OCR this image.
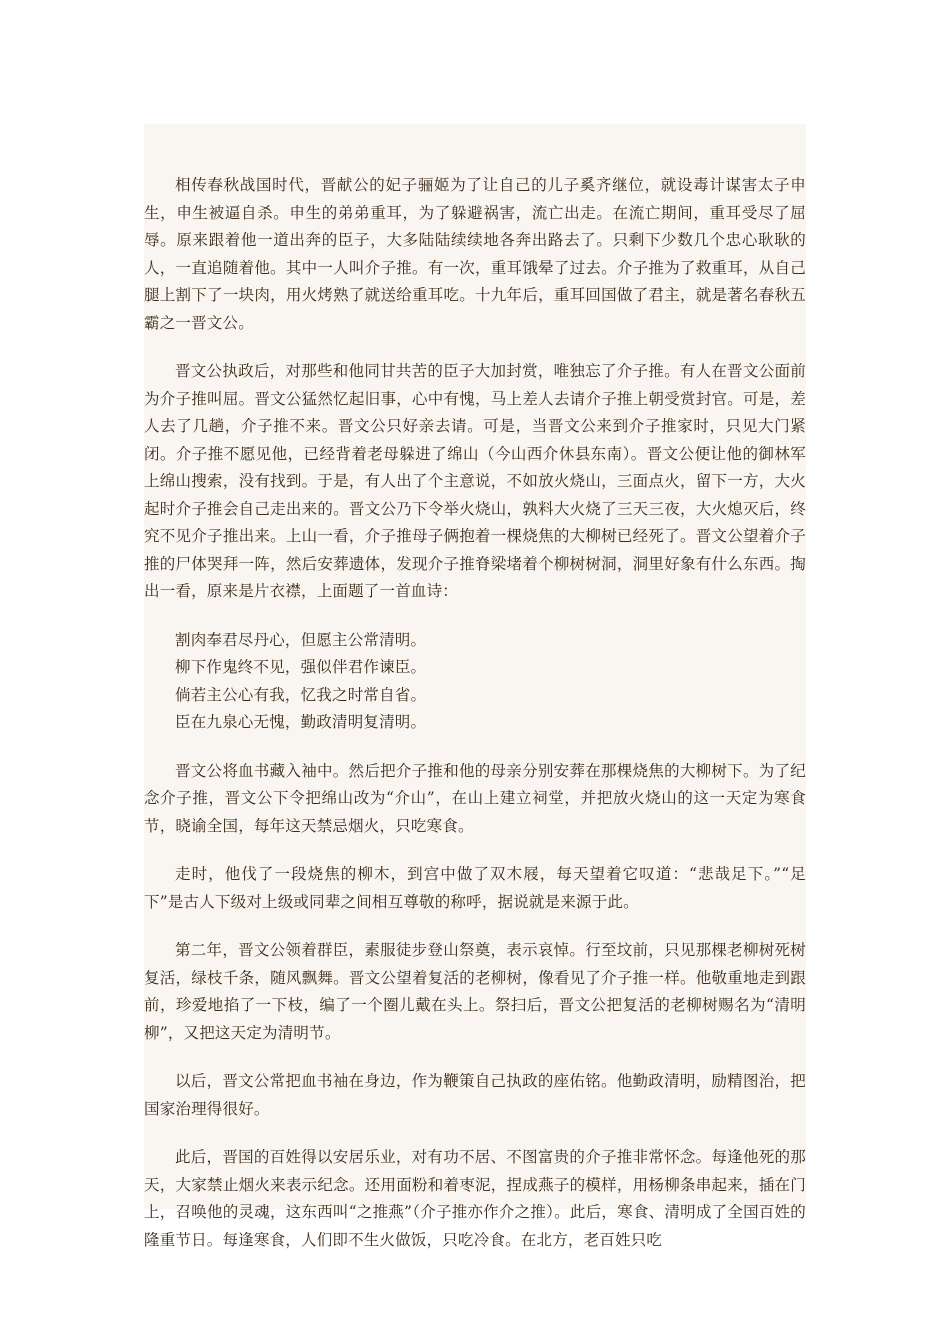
相传春秋战国时代，晋献公的妃子骊姬为了让自己的儿子奚齐继位，就设毒计谋害太子申生，申生被逼自杀。申生的弟弟重耳，为了躲避祸害，流亡出走。在流亡期间，重耳受尽了屈辱。原来跟着他一道出奔的臣子，大多陆陆续续地各奔出路去了。只剩下少数几个忠心耿耿的人，一直追随着他。其中一人叫介子推。有一次，重耳饿晕了过去。介子推为了救重耳，从自己腿上割下了一块肉，用火烤熟了就送给重耳吃。十九年后，重耳回国做了君主，就是著名春秋五霸之一晋文公。

晋文公执政后，对那些和他同甘共苦的臣子大加封赏，唯独忘了介子推。有人在晋文公面前为介子推叫屈。晋文公猛然忆起旧事，心中有愧，马上差人去请介子推上朝受赏封官。可是，差人去了几趟，介子推不来。晋文公只好亲去请。可是，当晋文公来到介子推家时，只见大门紧闭。介子推不愿见他，已经背着老母躲进了绵山（今山西介休县东南）。晋文公便让他的御林军上绵山搜索，没有找到。于是，有人出了个主意说，不如放火烧山，三面点火，留下一方，大火起时介子推会自己走出来的。晋文公乃下令举火烧山，孰料大火烧了三天三夜，大火熄灭后，终究不见介子推出来。上山一看，介子推母子俩抱着一棵烧焦的大柳树已经死了。晋文公望着介子推的尸体哭拜一阵，然后安葬遗体，发现介子推脊梁堵着个柳树树洞，洞里好象有什么东西。掏出一看，原来是片衣襟，上面题了一首血诗：

割肉奉君尽丹心，但愿主公常清明。
柳下作鬼终不见，强似伴君作谏臣。
倘若主公心有我，忆我之时常自省。
臣在九泉心无愧，勤政清明复清明。

晋文公将血书藏入袖中。然后把介子推和他的母亲分别安葬在那棵烧焦的大柳树下。为了纪念介子推，晋文公下令把绵山改为“介山”，在山上建立祠堂，并把放火烧山的这一天定为寒食节，晓谕全国，每年这天禁忌烟火，只吃寒食。

走时，他伐了一段烧焦的柳木，到宫中做了双木屐，每天望着它叹道：“悲哉足下。”“足下”是古人下级对上级或同辈之间相互尊敬的称呼，据说就是来源于此。

第二年，晋文公领着群臣，素服徒步登山祭奠，表示哀悼。行至坟前，只见那棵老柳树死树复活，绿枝千条，随风飘舞。晋文公望着复活的老柳树，像看见了介子推一样。他敬重地走到跟前，珍爱地掐了一下枝，编了一个圈儿戴在头上。祭扫后，晋文公把复活的老柳树赐名为“清明柳”，又把这天定为清明节。

以后，晋文公常把血书袖在身边，作为鞭策自己执政的座佑铭。他勤政清明，励精图治，把国家治理得很好。

此后，晋国的百姓得以安居乐业，对有功不居、不图富贵的介子推非常怀念。每逢他死的那天，大家禁止烟火来表示纪念。还用面粉和着枣泥，捏成燕子的模样，用杨柳条串起来，插在门上，召唤他的灵魂，这东西叫“之推燕”（介子推亦作介之推）。此后，寒食、清明成了全国百姓的隆重节日。每逢寒食，人们即不生火做饭，只吃冷食。在北方，老百姓只吃
